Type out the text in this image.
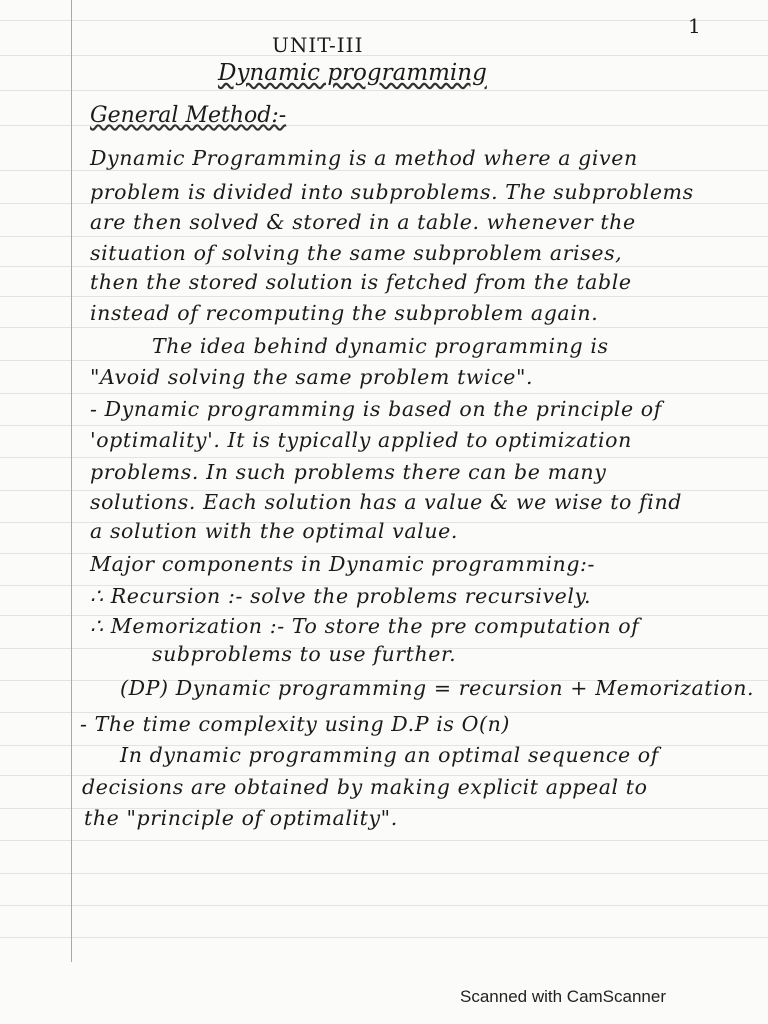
1
UNIT-III
Dynamic programming
General Method:-
Dynamic Programming is a method where a given
problem is divided into subproblems. The subproblems
are then solved & stored in a table. whenever the
situation of solving the same subproblem arises,
then the stored solution is fetched from the table
instead of recomputing the subproblem again.
The idea behind dynamic programming is
"Avoid solving the same problem twice".
- Dynamic programming is based on the principle of
'optimality'. It is typically applied to optimization
problems. In such problems there can be many
solutions. Each solution has a value & we wise to find
a solution with the optimal value.
Major components in Dynamic programming:-
∴ Recursion :- solve the problems recursively.
∴ Memorization :- To store the pre computation of
subproblems to use further.
(DP) Dynamic programming = recursion + Memorization.
- The time complexity using D.P is O(n)
In dynamic programming an optimal sequence of
decisions are obtained by making explicit appeal to
the "principle of optimality".
Scanned with CamScanner
